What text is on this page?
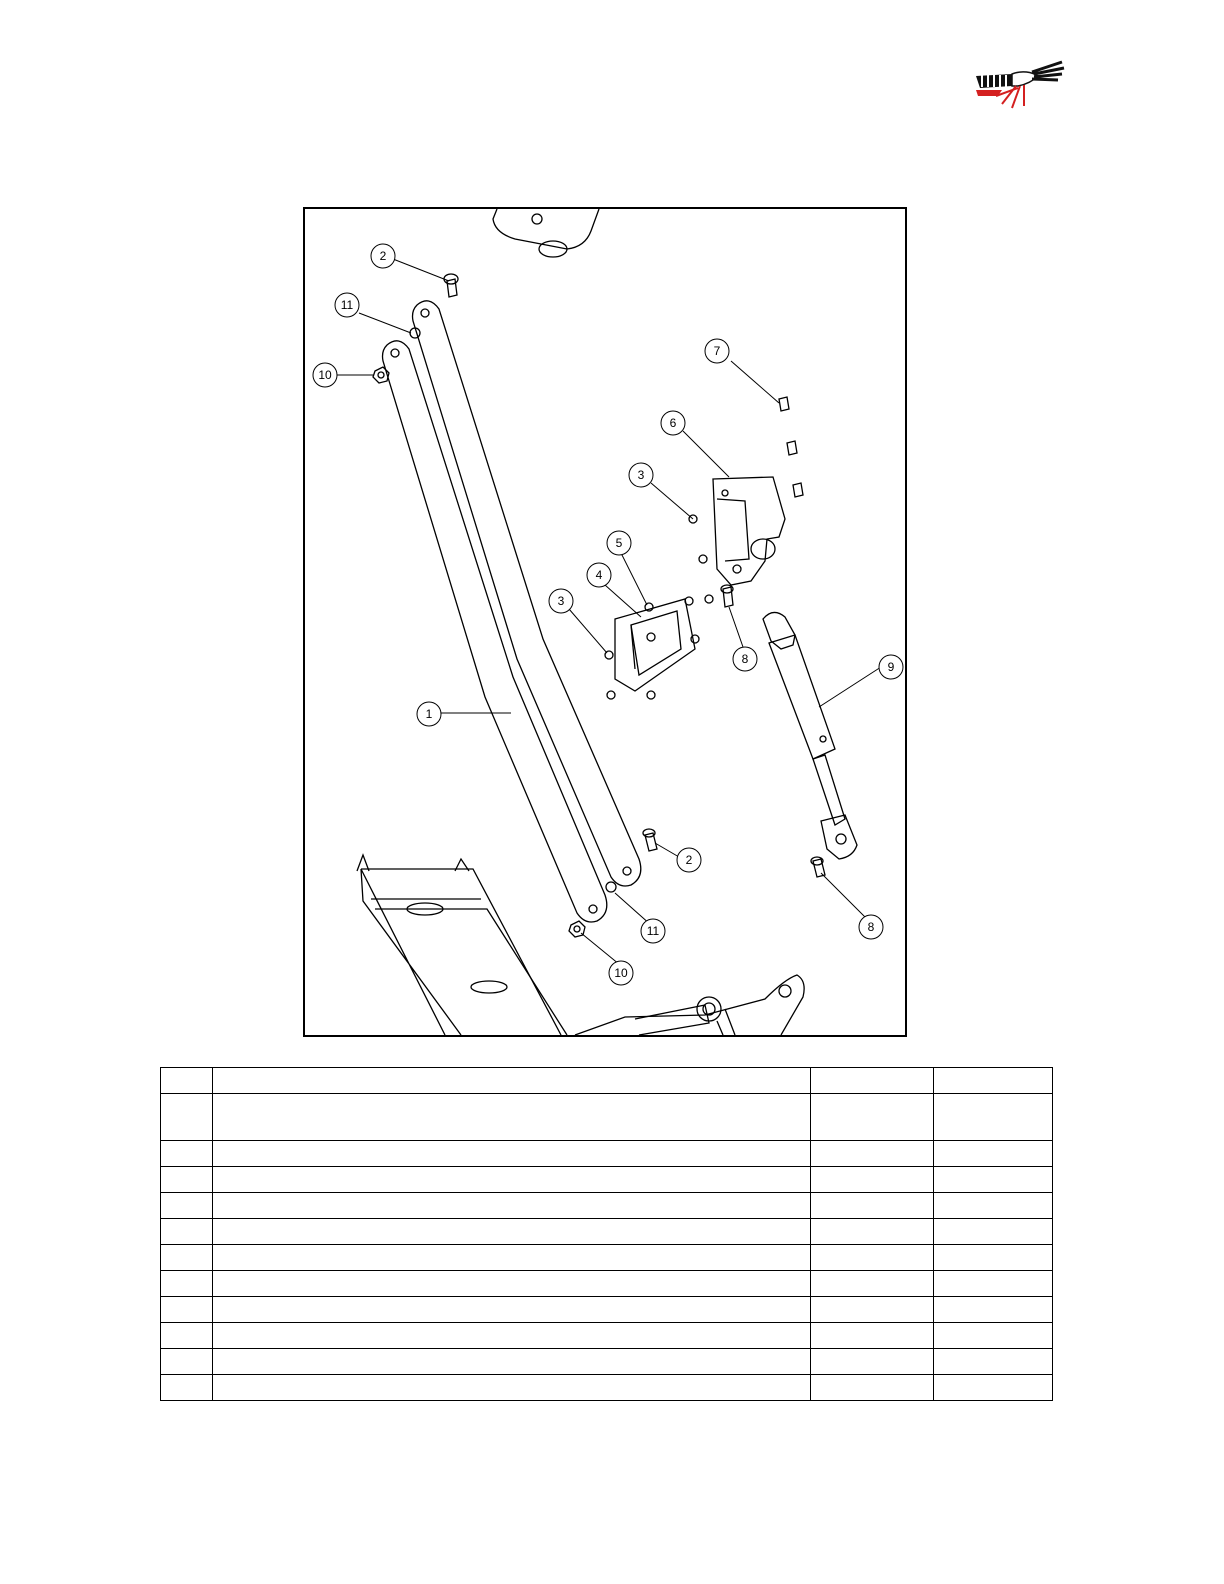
1
2
2
3
3
4
5
6
7
8
8
9
10
10
11
11
